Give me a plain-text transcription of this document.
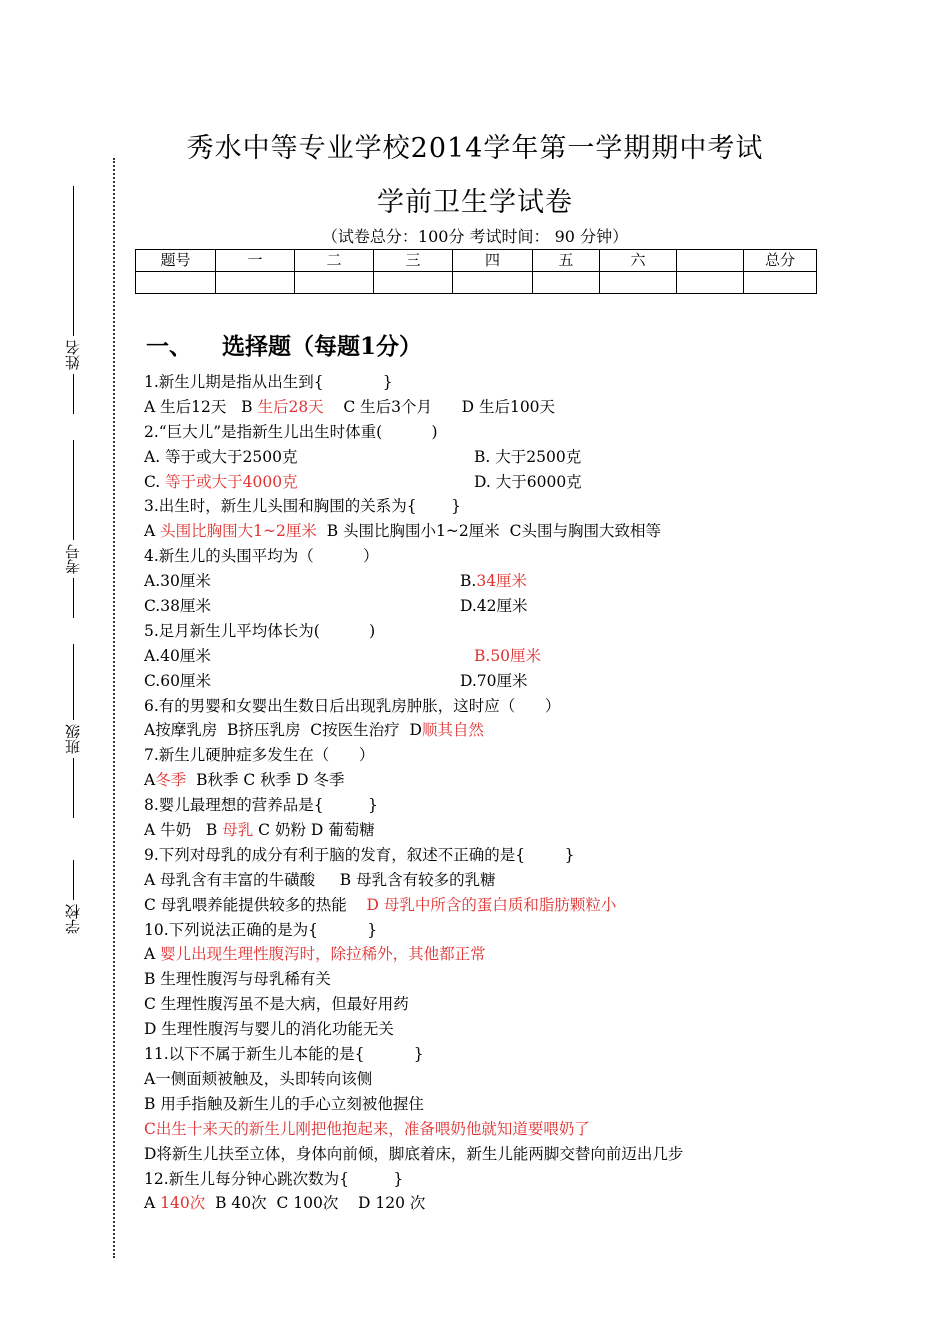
姓名
考号
班级
学校
秀水中等专业学校2014学年第一学期期中考试
学前卫生学试卷
（试卷总分：100分 考试时间： 90 分钟）
题号	一	二	三	四	五	六		总分

一、 选择题（每题1分）
1.新生儿期是指从出生到{            }
A 生后12天   B 生后28天    C 生后3个月      D 生后100天
2.“巨大儿”是指新生儿出生时体重(          )
A. 等于或大于2500克	B. 大于2500克
C. 等于或大于4000克	D. 大于6000克
3.出生时，新生儿头围和胸围的关系为{       }
A 头围比胸围大1~2厘米  B 头围比胸围小1~2厘米  C头围与胸围大致相等
4.新生儿的头围平均为（          ）
A.30厘米	B.34厘米
C.38厘米	D.42厘米
5.足月新生儿平均体长为(          )
A.40厘米	B.50厘米
C.60厘米	D.70厘米
6.有的男婴和女婴出生数日后出现乳房肿胀，这时应（      ）
A按摩乳房  B挤压乳房  C按医生治疗  D顺其自然
7.新生儿硬肿症多发生在（      ）
A冬季  B秋季 C 秋季 D 冬季
8.婴儿最理想的营养品是{         }
A 牛奶   B 母乳 C 奶粉 D 葡萄糖
9.下列对母乳的成分有利于脑的发育，叙述不正确的是{        }
A 母乳含有丰富的牛磺酸     B 母乳含有较多的乳糖
C 母乳喂养能提供较多的热能    D 母乳中所含的蛋白质和脂肪颗粒小
10.下列说法正确的是为{          }
A 婴儿出现生理性腹泻时，除拉稀外，其他都正常
B 生理性腹泻与母乳稀有关
C 生理性腹泻虽不是大病，但最好用药
D 生理性腹泻与婴儿的消化功能无关
11.以下不属于新生儿本能的是{          }
A一侧面颊被触及，头即转向该侧
B 用手指触及新生儿的手心立刻被他握住
C出生十来天的新生儿刚把他抱起来，准备喂奶他就知道要喂奶了
D将新生儿扶至立体，身体向前倾，脚底着床，新生儿能两脚交替向前迈出几步
12.新生儿每分钟心跳次数为{         }
A 140次  B 40次  C 100次    D 120 次
